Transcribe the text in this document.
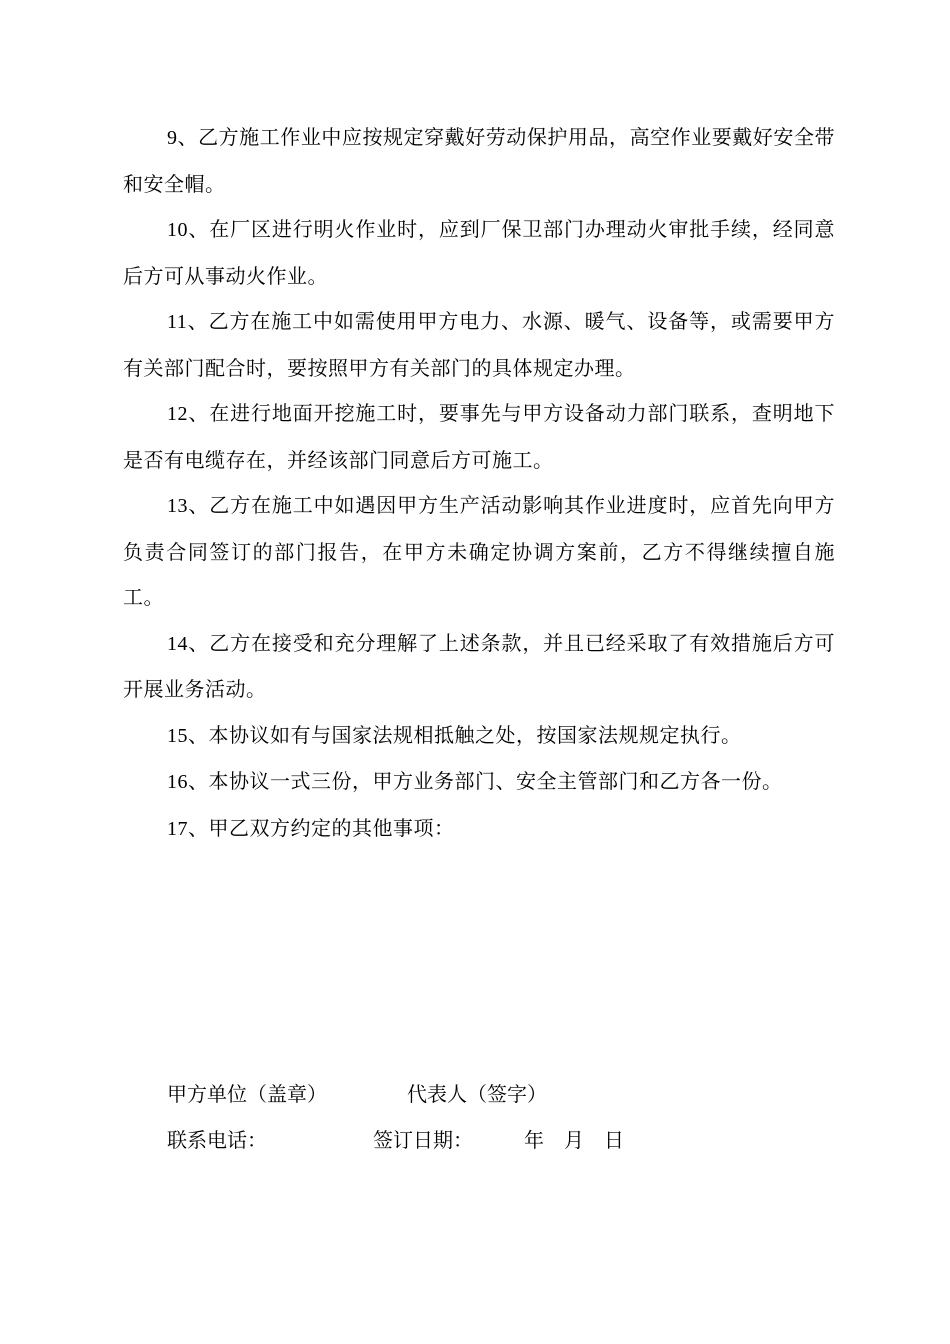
9、乙方施工作业中应按规定穿戴好劳动保护用品，高空作业要戴好安全带和安全帽。

10、在厂区进行明火作业时，应到厂保卫部门办理动火审批手续，经同意后方可从事动火作业。

11、乙方在施工中如需使用甲方电力、水源、暖气、设备等，或需要甲方有关部门配合时，要按照甲方有关部门的具体规定办理。

12、在进行地面开挖施工时，要事先与甲方设备动力部门联系，查明地下是否有电缆存在，并经该部门同意后方可施工。

13、乙方在施工中如遇因甲方生产活动影响其作业进度时，应首先向甲方负责合同签订的部门报告，在甲方未确定协调方案前，乙方不得继续擅自施工。

14、乙方在接受和充分理解了上述条款，并且已经采取了有效措施后方可开展业务活动。

15、本协议如有与国家法规相抵触之处，按国家法规规定执行。

16、本协议一式三份，甲方业务部门、安全主管部门和乙方各一份。

17、甲乙双方约定的其他事项：

甲方单位（盖章）	代表人（签字）
联系电话：	签订日期：	年 月 日
